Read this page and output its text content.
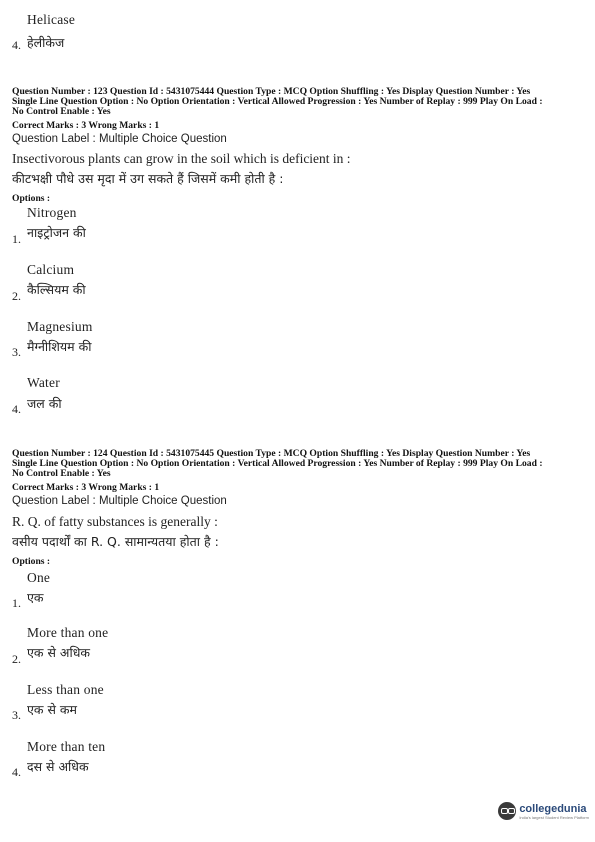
Helicase
हेलीकेज
4.
Question Number : 123 Question Id : 5431075444 Question Type : MCQ Option Shuffling : Yes Display Question Number : Yes
Single Line Question Option : No Option Orientation : Vertical Allowed Progression : Yes Number of Replay : 999 Play On Load :
No Control Enable : Yes
Correct Marks : 3 Wrong Marks : 1
Question Label : Multiple Choice Question
Insectivorous plants can grow in the soil which is deficient in :
कीटभक्षी पौधे उस मृदा में उग सकते हैं जिसमें कमी होती है :
Options :
Nitrogen
नाइट्रोजन की
1.
Calcium
कैल्सियम की
2.
Magnesium
मैग्नीशियम की
3.
Water
जल की
4.
Question Number : 124 Question Id : 5431075445 Question Type : MCQ Option Shuffling : Yes Display Question Number : Yes
Single Line Question Option : No Option Orientation : Vertical Allowed Progression : Yes Number of Replay : 999 Play On Load :
No Control Enable : Yes
Correct Marks : 3 Wrong Marks : 1
Question Label : Multiple Choice Question
R. Q. of fatty substances is generally :
वसीय पदार्थों का R. Q. सामान्यतया होता है :
Options :
One
एक
1.
More than one
एक से अधिक
2.
Less than one
एक से कम
3.
More than ten
दस से अधिक
4.
collegedunia
India's largest Student Review Platform
